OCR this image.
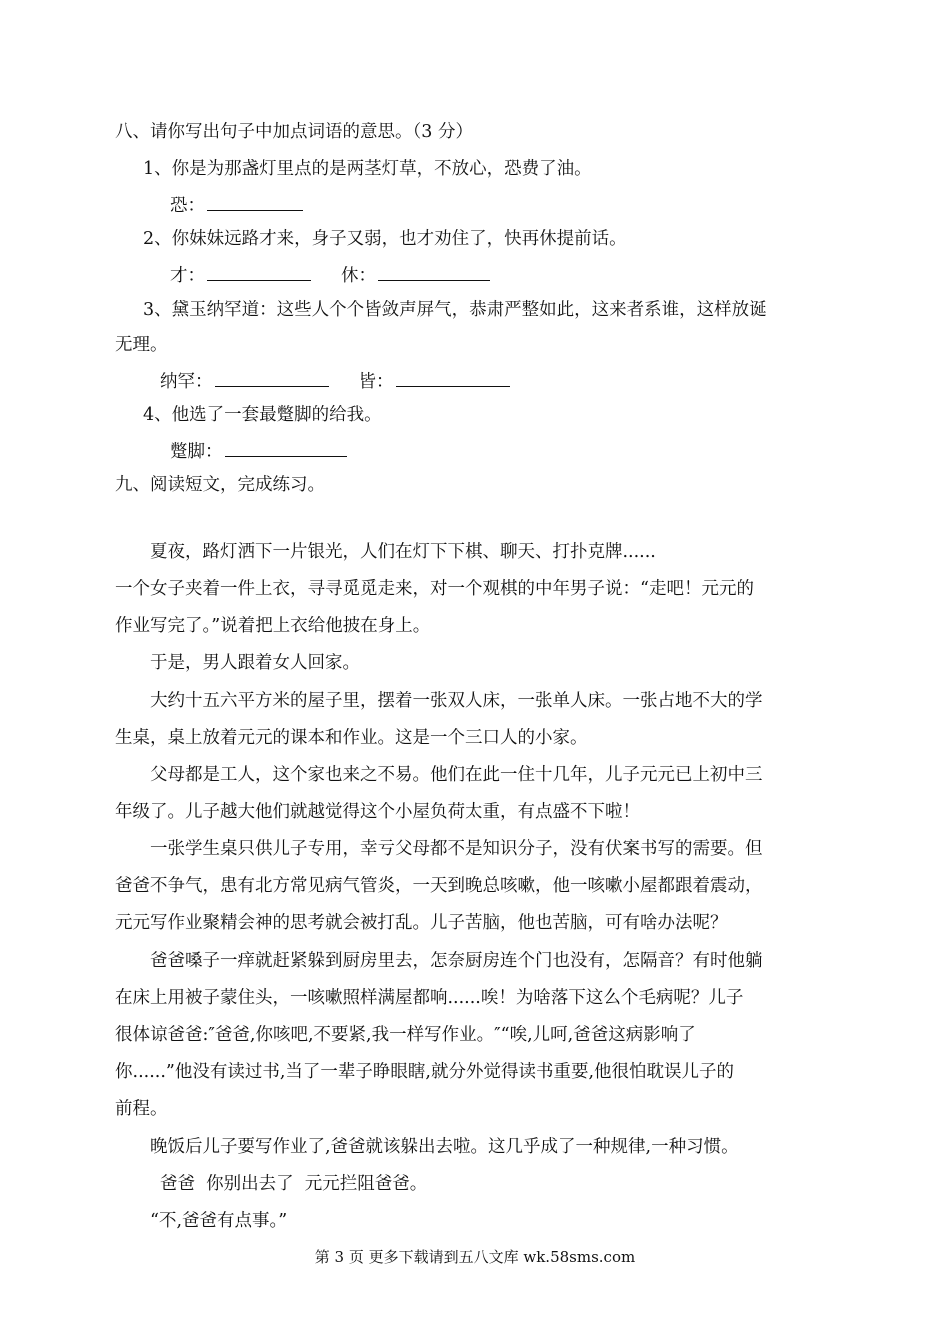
八、请你写出句子中加点词语的意思。（3 分）
1、你是为那盏灯里点的是两茎灯草，不放心，恐费了油。
恐：
2、你妹妹远路才来，身子又弱，也才劝住了，快再休提前话。
才：	休：
3、黛玉纳罕道：这些人个个皆敛声屏气，恭肃严整如此，这来者系谁，这样放诞
无理。
纳罕：	皆：
4、他选了一套最蹩脚的给我。
蹩脚：
九、阅读短文，完成练习。
夏夜，路灯洒下一片银光，人们在灯下下棋、聊天、打扑克牌......
一个女子夹着一件上衣，寻寻觅觅走来，对一个观棋的中年男子说：“走吧！元元的
作业写完了。”说着把上衣给他披在身上。
于是，男人跟着女人回家。
大约十五六平方米的屋子里，摆着一张双人床，一张单人床。一张占地不大的学
生桌，桌上放着元元的课本和作业。这是一个三口人的小家。
父母都是工人，这个家也来之不易。他们在此一住十几年，儿子元元已上初中三
年级了。儿子越大他们就越觉得这个小屋负荷太重，有点盛不下啦！
一张学生桌只供儿子专用，幸亏父母都不是知识分子，没有伏案书写的需要。但
爸爸不争气，患有北方常见病气管炎，一天到晚总咳嗽，他一咳嗽小屋都跟着震动，
元元写作业聚精会神的思考就会被打乱。儿子苦脑，他也苦脑，可有啥办法呢？
爸爸嗓子一痒就赶紧躲到厨房里去，怎奈厨房连个门也没有，怎隔音？有时他躺
在床上用被子蒙住头，一咳嗽照样满屋都响......唉！为啥落下这么个毛病呢？儿子
很体谅爸爸:″爸爸,你咳吧,不要紧,我一样写作业。″“唉,儿呵,爸爸这病影响了
你......”他没有读过书,当了一辈子睁眼瞎,就分外觉得读书重要,他很怕耽误儿子的
前程。
晚饭后儿子要写作业了,爸爸就该躲出去啦。这几乎成了一种规律,一种习惯。
爸爸  你别出去了  元元拦阻爸爸。
“不,爸爸有点事。”
第 3 页 更多下载请到五八文库 wk.58sms.com
